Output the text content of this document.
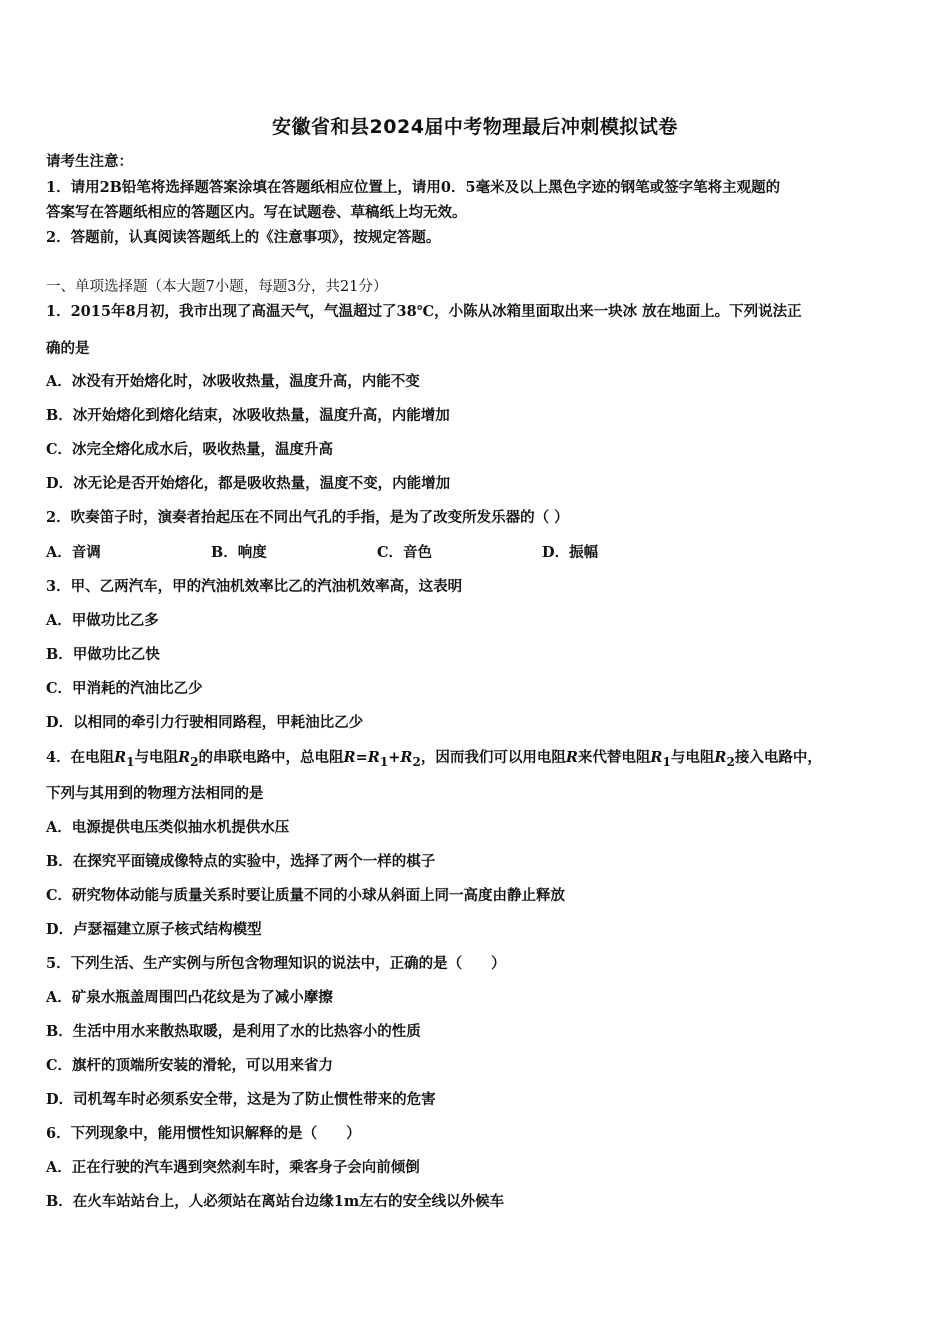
安徽省和县2024届中考物理最后冲刺模拟试卷
请考生注意：
1．请用2B铅笔将选择题答案涂填在答题纸相应位置上，请用0．5毫米及以上黑色字迹的钢笔或签字笔将主观题的
答案写在答题纸相应的答题区内。写在试题卷、草稿纸上均无效。
2．答题前，认真阅读答题纸上的《注意事项》，按规定答题。
一、单项选择题（本大题7小题，每题3分，共21分）
1．2015年8月初，我市出现了高温天气，气温超过了38℃，小陈从冰箱里面取出来一块冰 放在地面上。下列说法正
确的是
A．冰没有开始熔化时，冰吸收热量，温度升高，内能不变
B．冰开始熔化到熔化结束，冰吸收热量，温度升高，内能增加
C．冰完全熔化成水后，吸收热量，温度升高
D．冰无论是否开始熔化，都是吸收热量，温度不变，内能增加
2．吹奏笛子时，演奏者抬起压在不同出气孔的手指，是为了改变所发乐器的（ ）
A．音调	B．响度	C．音色	D．振幅
3．甲、乙两汽车，甲的汽油机效率比乙的汽油机效率高，这表明
A．甲做功比乙多
B．甲做功比乙快
C．甲消耗的汽油比乙少
D．以相同的牵引力行驶相同路程，甲耗油比乙少
4．在电阻$R_1$与电阻$R_2$的串联电路中，总电阻$R=R_1+R_2$，因而我们可以用电阻R来代替电阻$R_1$与电阻$R_2$接入电路中，
下列与其用到的物理方法相同的是
A．电源提供电压类似抽水机提供水压
B．在探究平面镜成像特点的实验中，选择了两个一样的棋子
C．研究物体动能与质量关系时要让质量不同的小球从斜面上同一高度由静止释放
D．卢瑟福建立原子核式结构模型
5．下列生活、生产实例与所包含物理知识的说法中，正确的是（　　）
A．矿泉水瓶盖周围凹凸花纹是为了减小摩擦
B．生活中用水来散热取暖，是利用了水的比热容小的性质
C．旗杆的顶端所安装的滑轮，可以用来省力
D．司机驾车时必须系安全带，这是为了防止惯性带来的危害
6．下列现象中，能用惯性知识解释的是（　　）
A．正在行驶的汽车遇到突然刹车时，乘客身子会向前倾倒
B．在火车站站台上，人必须站在离站台边缘1m左右的安全线以外候车
